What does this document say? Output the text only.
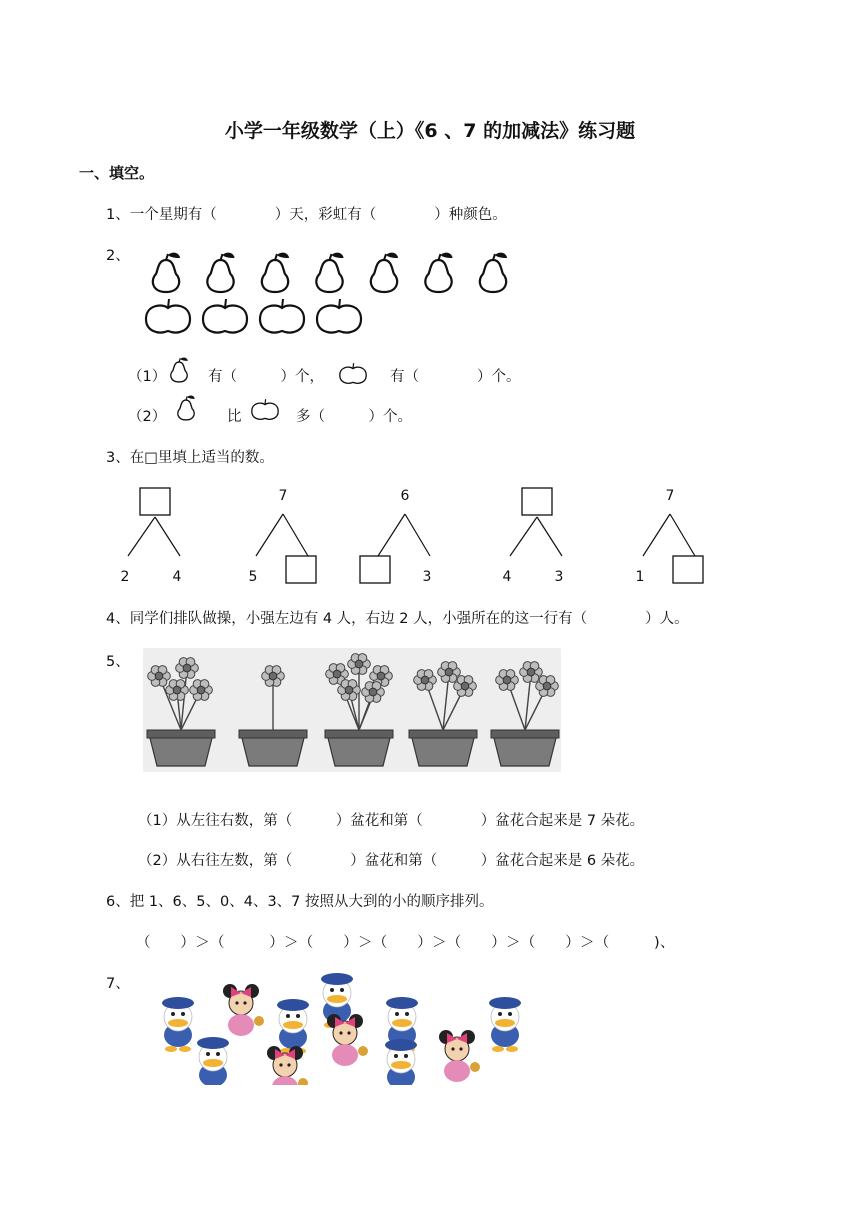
小学一年级数学（上）《6 、7 的加减法》练习题
一、填空。
1、一个星期有（　　　　）天，彩虹有（　　　　）种颜色。
2、
（1）	有（　　　）个，	有（　　　　）个。
（2）	比	多（　　　）个。
3、在□里填上适当的数。
2	4
7
5
6
3	4	3
7
1
4、同学们排队做操，小强左边有 4 人，右边 2 人，小强所在的这一行有（　　　　）人。
5、
（1）从左往右数，第（　　　）盆花和第（　　　　）盆花合起来是 7 朵花。
（2）从右往左数，第（　　　　）盆花和第（　　　）盆花合起来是 6 朵花。
6、把 1、6、5、0、4、3、7 按照从大到的小的顺序排列。
（　　）＞（　　　）＞（　　）＞（　　）＞（　　）＞（　　）＞（　　　)、
7、
